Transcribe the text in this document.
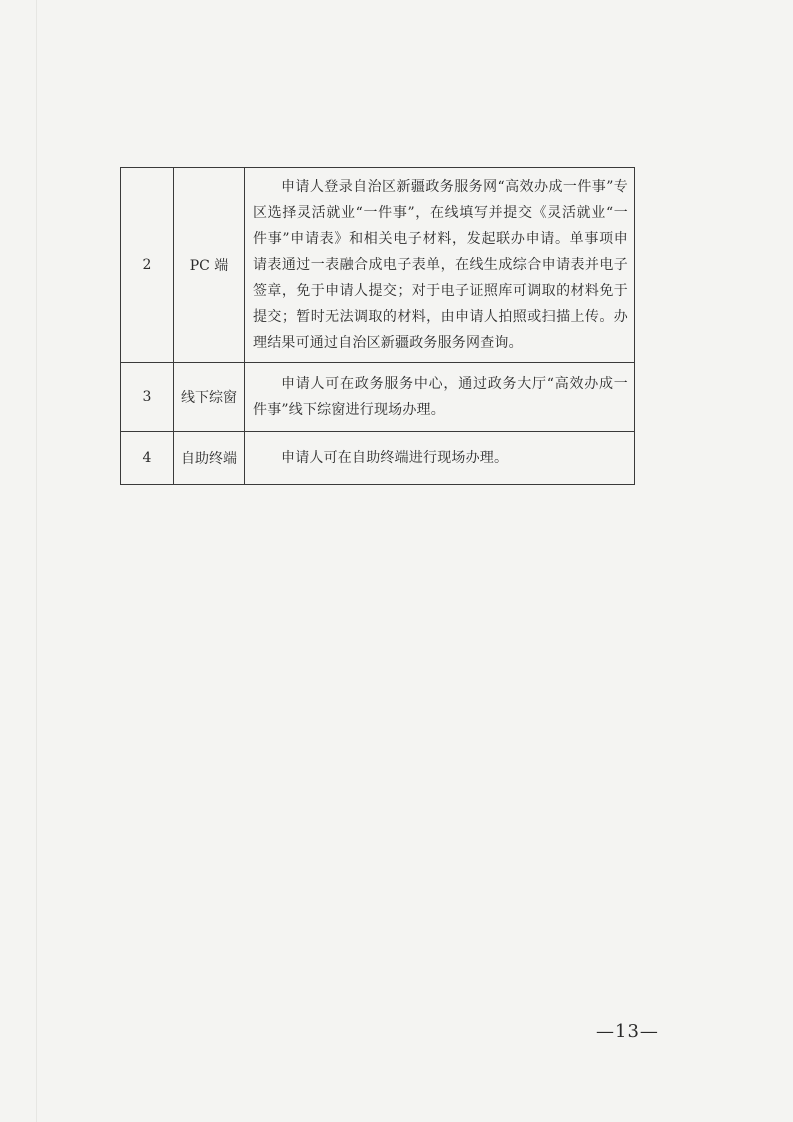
2	PC 端	申请人登录自治区新疆政务服务网“高效办成一件事”专区选择灵活就业“一件事”，在线填写并提交《灵活就业“一件事”申请表》和相关电子材料，发起联办申请。单事项申请表通过一表融合成电子表单，在线生成综合申请表并电子签章，免于申请人提交；对于电子证照库可调取的材料免于提交；暂时无法调取的材料，由申请人拍照或扫描上传。办理结果可通过自治区新疆政务服务网查询。
3	线下综窗	申请人可在政务服务中心，通过政务大厅“高效办成一件事”线下综窗进行现场办理。
4	自助终端	申请人可在自助终端进行现场办理。
—13—
